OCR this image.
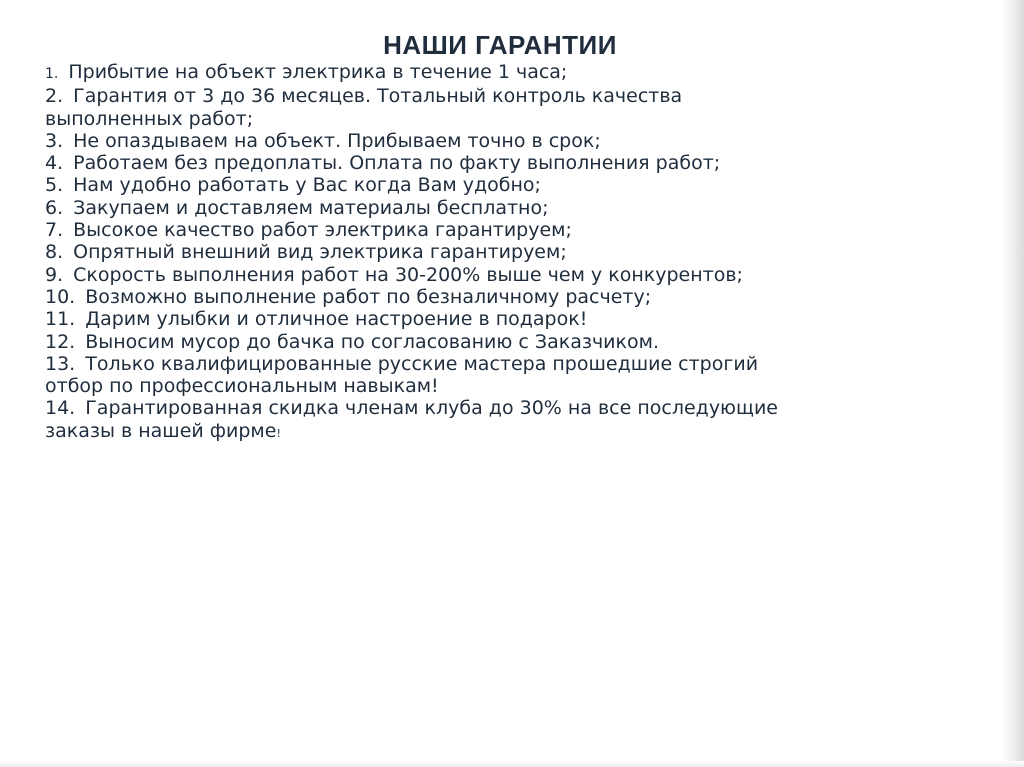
НАШИ ГАРАНТИИ
1. Прибытие на объект электрика в течение 1 часа;
2. Гарантия от 3 до 36 месяцев. Тотальный контроль качества
выполненных работ;
3. Не опаздываем на объект. Прибываем точно в срок;
4. Работаем без предоплаты. Оплата по факту выполнения работ;
5. Нам удобно работать у Вас когда Вам удобно;
6. Закупаем и доставляем материалы бесплатно;
7. Высокое качество работ электрика гарантируем;
8. Опрятный внешний вид электрика гарантируем;
9. Скорость выполнения работ на 30-200% выше чем у конкурентов;
10. Возможно выполнение работ по безналичному расчету;
11. Дарим улыбки и отличное настроение в подарок!
12. Выносим мусор до бачка по согласованию с Заказчиком.
13. Только квалифицированные русские мастера прошедшие строгий
отбор по профессиональным навыкам!
14. Гарантированная скидка членам клуба до 30% на все последующие
заказы в нашей фирме!
